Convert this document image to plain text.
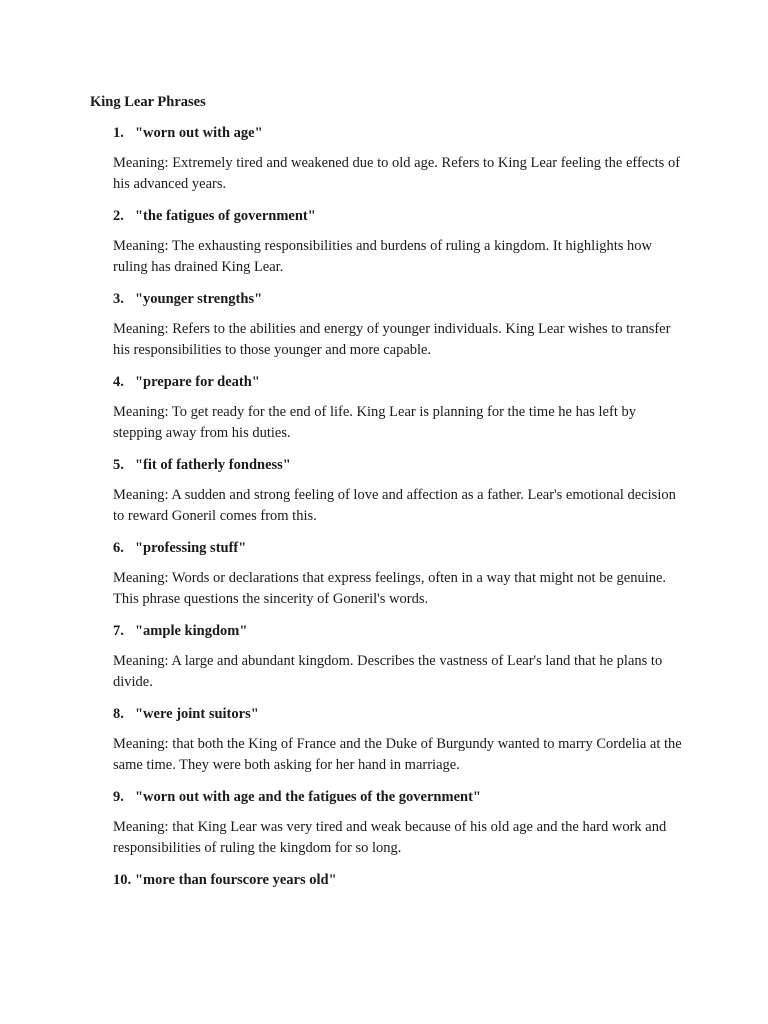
King Lear Phrases
1. "worn out with age"
Meaning: Extremely tired and weakened due to old age. Refers to King Lear feeling the effects of his advanced years.
2. "the fatigues of government"
Meaning: The exhausting responsibilities and burdens of ruling a kingdom. It highlights how ruling has drained King Lear.
3. "younger strengths"
Meaning: Refers to the abilities and energy of younger individuals. King Lear wishes to transfer his responsibilities to those younger and more capable.
4. "prepare for death"
Meaning: To get ready for the end of life. King Lear is planning for the time he has left by stepping away from his duties.
5. "fit of fatherly fondness"
Meaning: A sudden and strong feeling of love and affection as a father. Lear's emotional decision to reward Goneril comes from this.
6. "professing stuff"
Meaning: Words or declarations that express feelings, often in a way that might not be genuine. This phrase questions the sincerity of Goneril's words.
7. "ample kingdom"
Meaning: A large and abundant kingdom. Describes the vastness of Lear's land that he plans to divide.
8. "were joint suitors"
Meaning: that both the King of France and the Duke of Burgundy wanted to marry Cordelia at the same time. They were both asking for her hand in marriage.
9. "worn out with age and the fatigues of the government"
Meaning: that King Lear was very tired and weak because of his old age and the hard work and responsibilities of ruling the kingdom for so long.
10. "more than fourscore years old"
